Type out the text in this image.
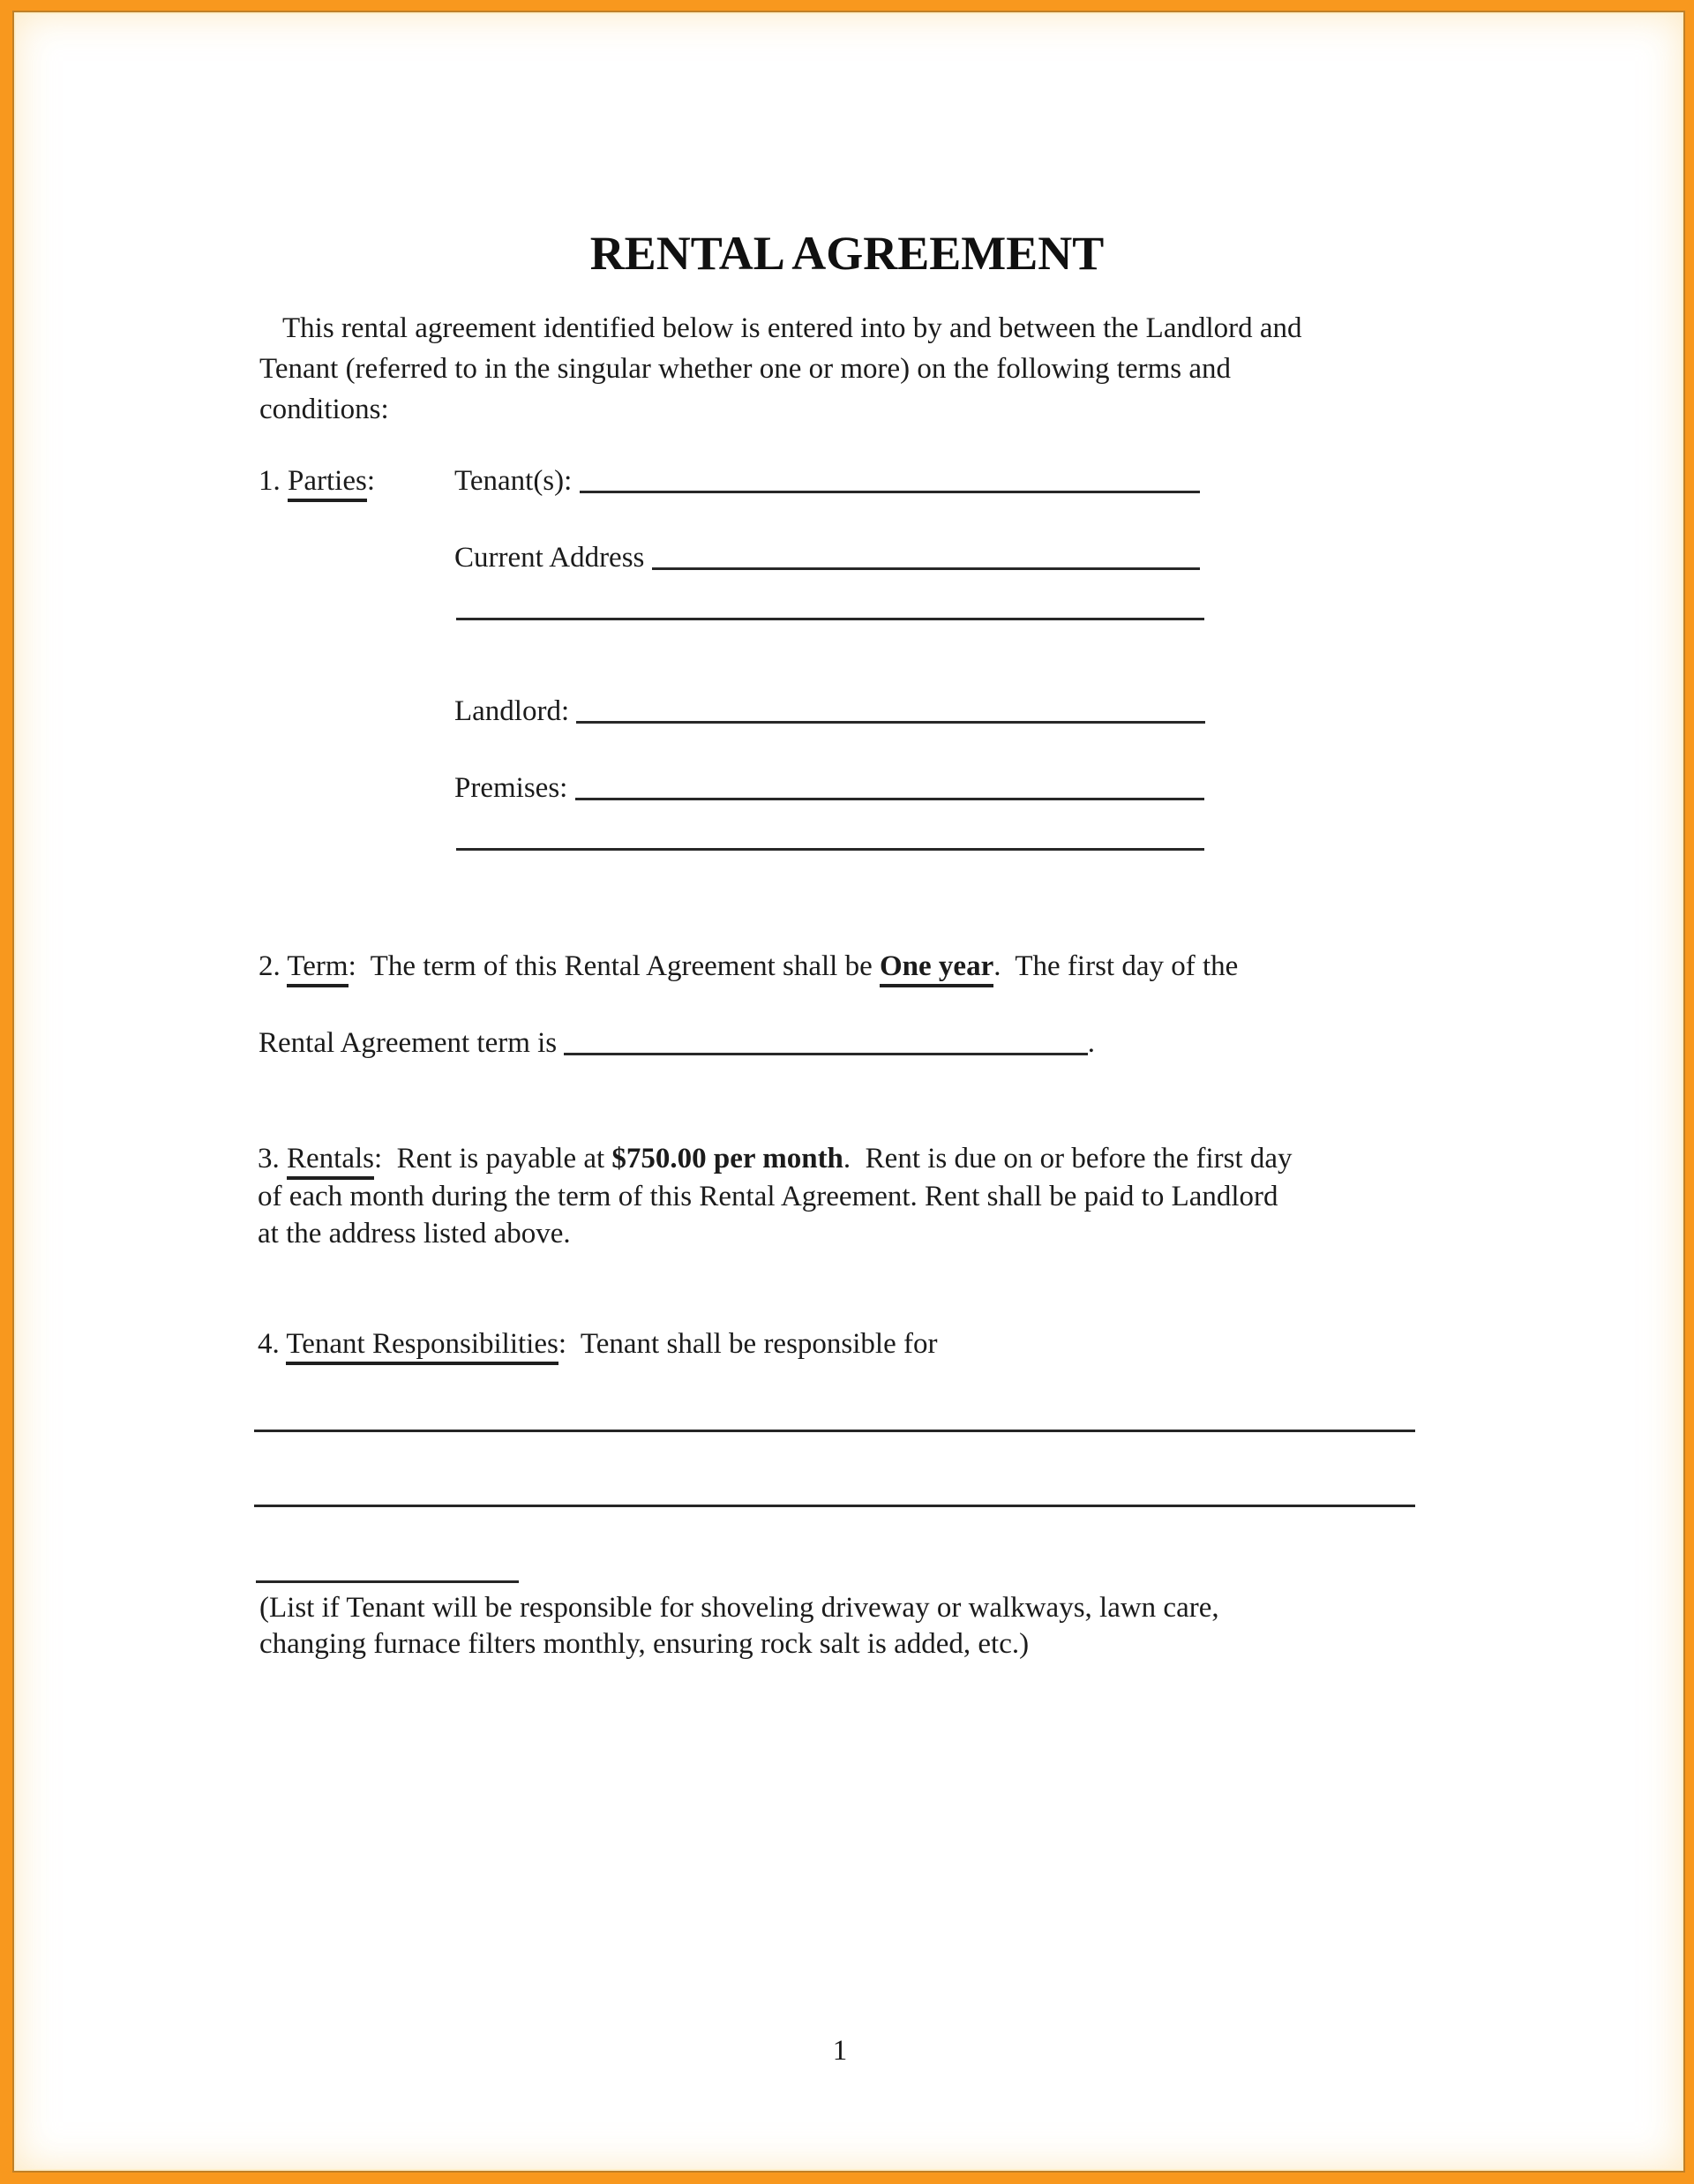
RENTAL AGREEMENT
This rental agreement identified below is entered into by and between the Landlord and
Tenant (referred to in the singular whether one or more) on the following terms and
conditions:
1. Parties:	Tenant(s):
Current Address
Landlord:
Premises:
2. Term:  The term of this Rental Agreement shall be One year.  The first day of the
Rental Agreement term is	.
3. Rentals:  Rent is payable at $750.00 per month.  Rent is due on or before the first day
of each month during the term of this Rental Agreement. Rent shall be paid to Landlord
at the address listed above.
4. Tenant Responsibilities:  Tenant shall be responsible for
(List if Tenant will be responsible for shoveling driveway or walkways, lawn care,
changing furnace filters monthly, ensuring rock salt is added, etc.)
1
